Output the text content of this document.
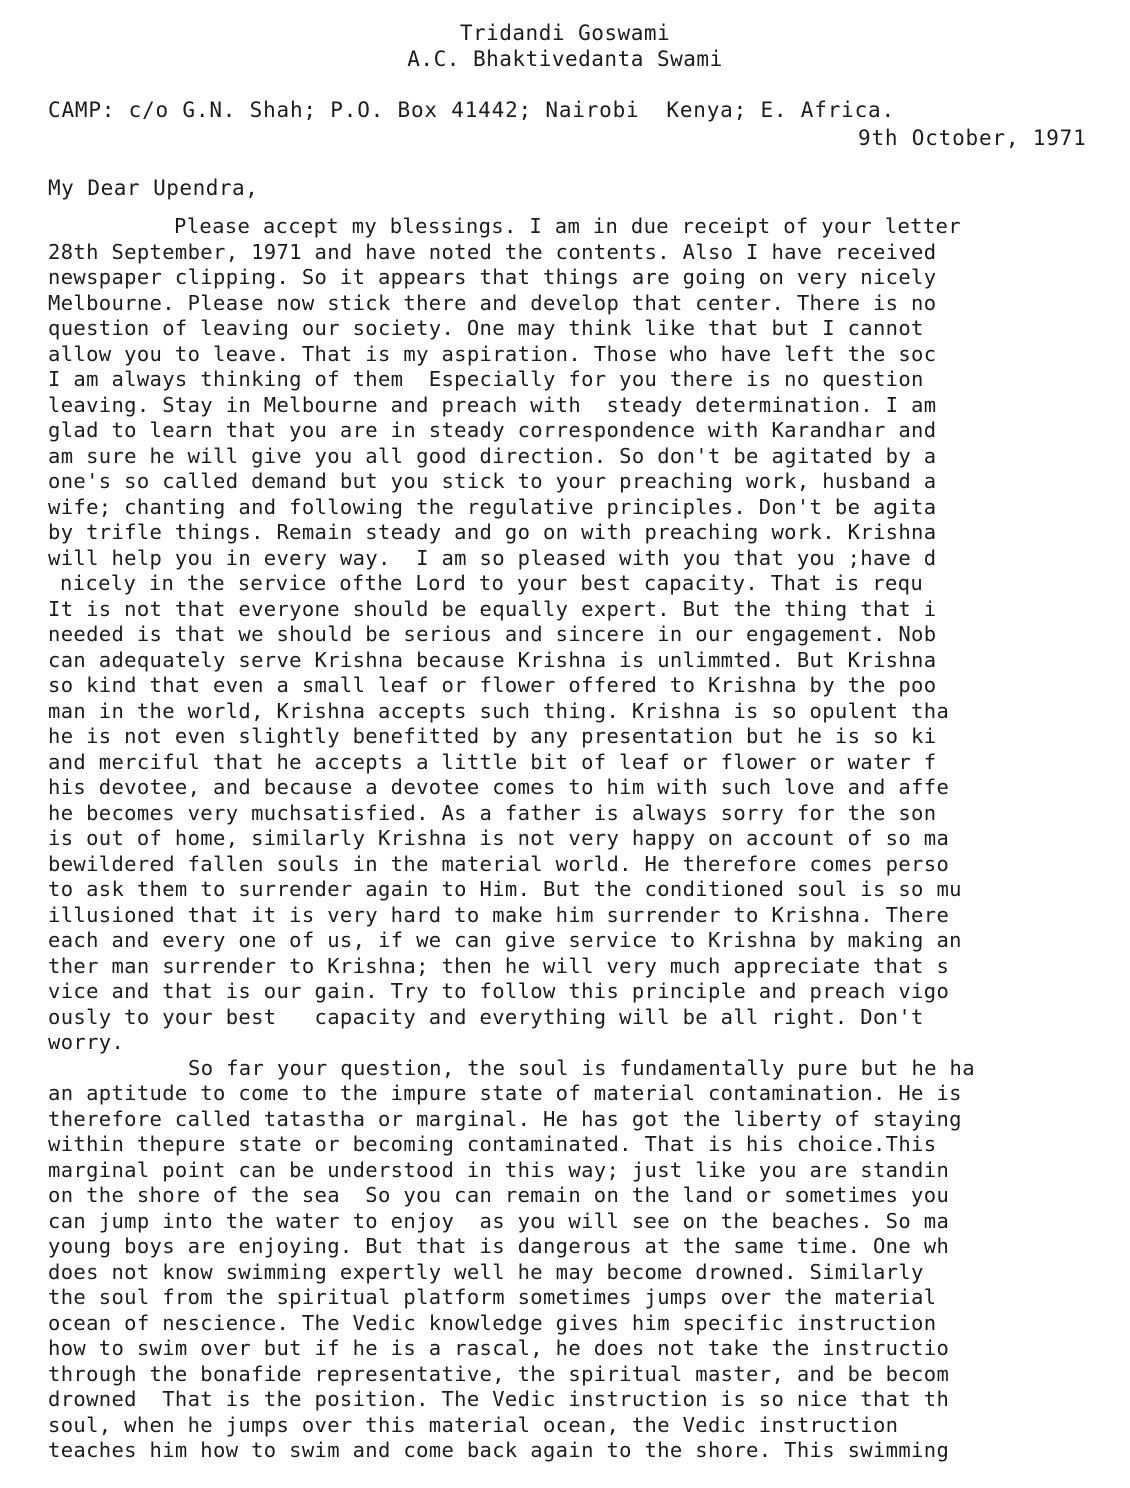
Tridandi Goswami
A.C. Bhaktivedanta Swami
CAMP: c/o G.N. Shah; P.O. Box 41442; Nairobi  Kenya; E. Africa.
9th October, 1971
My Dear Upendra,
Please accept my blessings. I am in due receipt of your letter
28th September, 1971 and have noted the contents. Also I have received
newspaper clipping. So it appears that things are going on very nicely
Melbourne. Please now stick there and develop that center. There is no
question of leaving our society. One may think like that but I cannot
allow you to leave. That is my aspiration. Those who have left the soc
I am always thinking of them  Especially for you there is no question
leaving. Stay in Melbourne and preach with  steady determination. I am
glad to learn that you are in steady correspondence with Karandhar and
am sure he will give you all good direction. So don't be agitated by a
one's so called demand but you stick to your preaching work, husband a
wife; chanting and following the regulative principles. Don't be agita
by trifle things. Remain steady and go on with preaching work. Krishna
will help you in every way.  I am so pleased with you that you ;have d
nicely in the service ofthe Lord to your best capacity. That is requ
It is not that everyone should be equally expert. But the thing that i
needed is that we should be serious and sincere in our engagement. Nob
can adequately serve Krishna because Krishna is unlimmted. But Krishna
so kind that even a small leaf or flower offered to Krishna by the poo
man in the world, Krishna accepts such thing. Krishna is so opulent tha
he is not even slightly benefitted by any presentation but he is so ki
and merciful that he accepts a little bit of leaf or flower or water f
his devotee, and because a devotee comes to him with such love and affe
he becomes very muchsatisfied. As a father is always sorry for the son
is out of home, similarly Krishna is not very happy on account of so ma
bewildered fallen souls in the material world. He therefore comes perso
to ask them to surrender again to Him. But the conditioned soul is so mu
illusioned that it is very hard to make him surrender to Krishna. There
each and every one of us, if we can give service to Krishna by making an
ther man surrender to Krishna; then he will very much appreciate that s
vice and that is our gain. Try to follow this principle and preach vigo
ously to your best   capacity and everything will be all right. Don't
worry.
So far your question, the soul is fundamentally pure but he ha
an aptitude to come to the impure state of material contamination. He is
therefore called tatastha or marginal. He has got the liberty of staying
within thepure state or becoming contaminated. That is his choice.This
marginal point can be understood in this way; just like you are standin
on the shore of the sea  So you can remain on the land or sometimes you
can jump into the water to enjoy  as you will see on the beaches. So ma
young boys are enjoying. But that is dangerous at the same time. One wh
does not know swimming expertly well he may become drowned. Similarly
the soul from the spiritual platform sometimes jumps over the material
ocean of nescience. The Vedic knowledge gives him specific instruction
how to swim over but if he is a rascal, he does not take the instructio
through the bonafide representative, the spiritual master, and be becom
drowned  That is the position. The Vedic instruction is so nice that th
soul, when he jumps over this material ocean, the Vedic instruction
teaches him how to swim and come back again to the shore. This swimming
